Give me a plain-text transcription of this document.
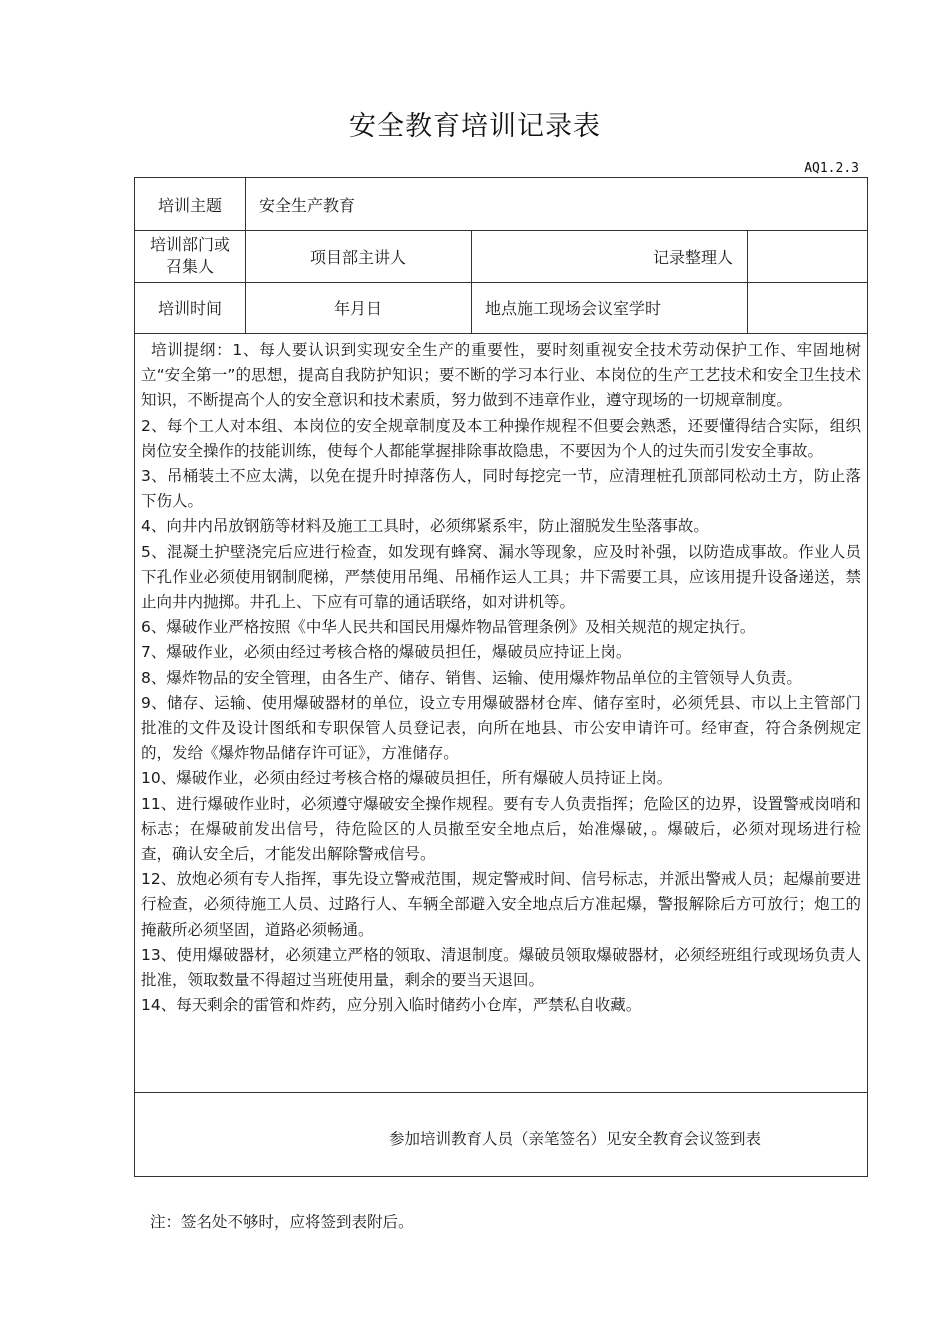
安全教育培训记录表
AQ1.2.3
培训主题	安全生产教育
培训部门或召集人	项目部主讲人	记录整理人
培训时间	年月日	地点施工现场会议室学时

培训提纲：1、每人要认识到实现安全生产的重要性，要时刻重视安全技术劳动保护工作、牢固地树立“安全第一”的思想，提高自我防护知识；要不断的学习本行业、本岗位的生产工艺技术和安全卫生技术知识，不断提高个人的安全意识和技术素质，努力做到不违章作业，遵守现场的一切规章制度。

2、每个工人对本组、本岗位的安全规章制度及本工种操作规程不但要会熟悉，还要懂得结合实际，组织岗位安全操作的技能训练，使每个人都能掌握排除事故隐患，不要因为个人的过失而引发安全事故。

3、吊桶装土不应太满，以免在提升时掉落伤人，同时每挖完一节，应清理桩孔顶部同松动土方，防止落下伤人。

4、向井内吊放钢筋等材料及施工工具时，必须绑紧系牢，防止溜脱发生坠落事故。

5、混凝土护壁浇完后应进行检查，如发现有蜂窝、漏水等现象，应及时补强，以防造成事故。作业人员下孔作业必须使用钢制爬梯，严禁使用吊绳、吊桶作运人工具；井下需要工具，应该用提升设备递送，禁止向井内抛掷。井孔上、下应有可靠的通话联络，如对讲机等。

6、爆破作业严格按照《中华人民共和国民用爆炸物品管理条例》及相关规范的规定执行。

7、爆破作业，必须由经过考核合格的爆破员担任，爆破员应持证上岗。

8、爆炸物品的安全管理，由各生产、储存、销售、运输、使用爆炸物品单位的主管领导人负责。

9、储存、运输、使用爆破器材的单位，设立专用爆破器材仓库、储存室时，必须凭县、市以上主管部门批准的文件及设计图纸和专职保管人员登记表，向所在地县、市公安申请许可。经审查，符合条例规定的，发给《爆炸物品储存许可证》，方准储存。

10、爆破作业，必须由经过考核合格的爆破员担任，所有爆破人员持证上岗。

11、进行爆破作业时，必须遵守爆破安全操作规程。要有专人负责指挥；危险区的边界，设置警戒岗哨和标志；在爆破前发出信号，待危险区的人员撤至安全地点后，始准爆破，。爆破后，必须对现场进行检查，确认安全后，才能发出解除警戒信号。

12、放炮必须有专人指挥，事先设立警戒范围，规定警戒时间、信号标志，并派出警戒人员；起爆前要进行检查，必须待施工人员、过路行人、车辆全部避入安全地点后方准起爆，警报解除后方可放行；炮工的掩蔽所必须坚固，道路必须畅通。

13、使用爆破器材，必须建立严格的领取、清退制度。爆破员领取爆破器材，必须经班组行或现场负责人批准，领取数量不得超过当班使用量，剩余的要当天退回。

14、每天剩余的雷管和炸药，应分别入临时储药小仓库，严禁私自收藏。

参加培训教育人员（亲笔签名）见安全教育会议签到表
注：签名处不够时，应将签到表附后。
